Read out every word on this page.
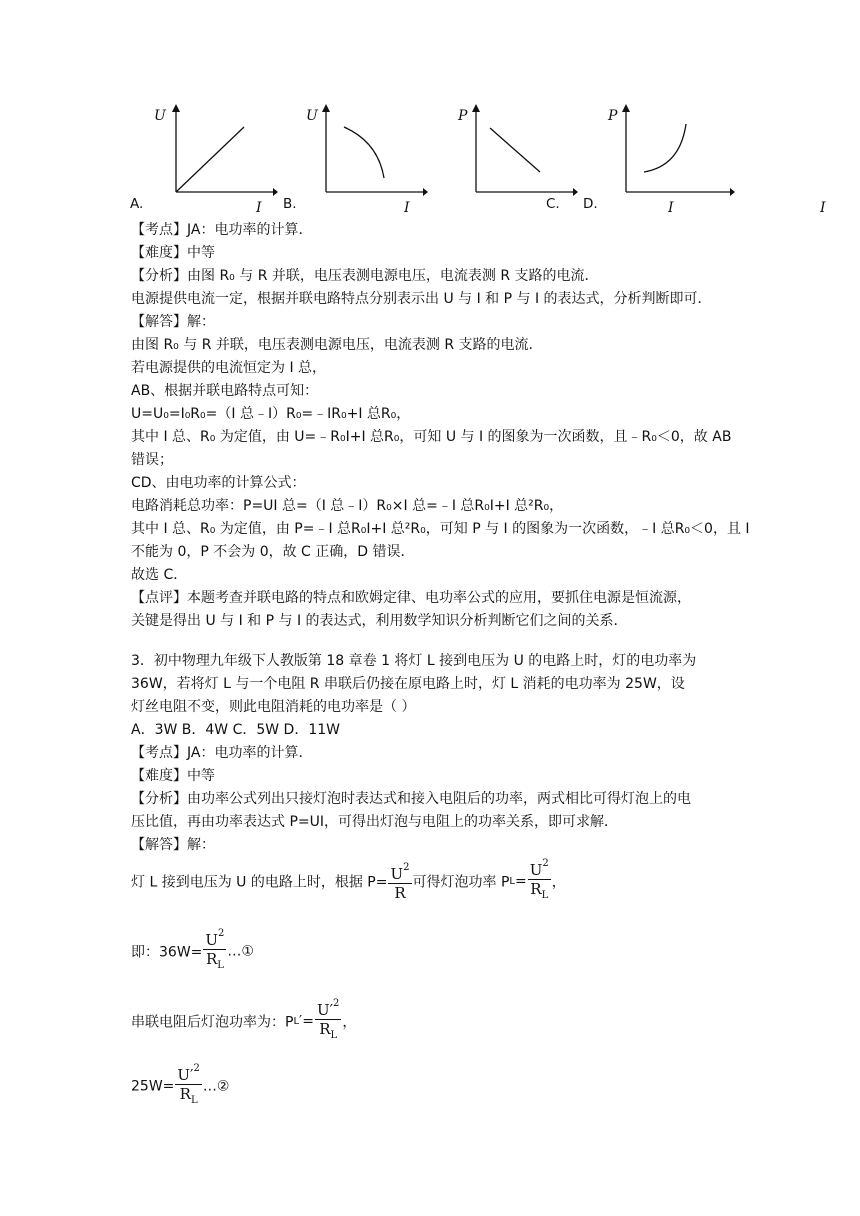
A.
U
I B.
U
I	C.
P
I
D.
P
I
【考点】JA：电功率的计算．
【难度】中等
【分析】由图 R₀ 与 R 并联，电压表测电源电压，电流表测 R 支路的电流．
电源提供电流一定，根据并联电路特点分别表示出 U 与 I 和 P 与 I 的表达式，分析判断即可．
【解答】解：
由图 R₀ 与 R 并联，电压表测电源电压，电流表测 R 支路的电流．
若电源提供的电流恒定为 I 总，
AB、根据并联电路特点可知：
U=U₀=I₀R₀=（I 总﹣I）R₀=﹣IR₀+I 总R₀，
其中 I 总、R₀ 为定值，由 U=﹣R₀I+I 总R₀，可知 U 与 I 的图象为一次函数，且﹣R₀＜0，故 AB
错误；
CD、由电功率的计算公式：
电路消耗总功率：P=UI 总=（I 总﹣I）R₀×I 总=﹣I 总R₀I+I 总²R₀，
其中 I 总、R₀ 为定值，由 P=﹣I 总R₀I+I 总²R₀，可知 P 与 I 的图象为一次函数，﹣I 总R₀＜0，且 I
不能为 0，P 不会为 0，故 C 正确，D 错误．
故选 C．
【点评】本题考查并联电路的特点和欧姆定律、电功率公式的应用，要抓住电源是恒流源，
关键是得出 U 与 I 和 P 与 I 的表达式，利用数学知识分析判断它们之间的关系．
3．初中物理九年级下人教版第 18 章卷 1 将灯 L 接到电压为 U 的电路上时，灯的电功率为
36W，若将灯 L 与一个电阻 R 串联后仍接在原电路上时，灯 L 消耗的电功率为 25W，设
灯丝电阻不变，则此电阻消耗的电功率是（ ）
A．3W B．4W C．5W D．11W
【考点】JA：电功率的计算．
【难度】中等
【分析】由功率公式列出只接灯泡时表达式和接入电阻后的功率，两式相比可得灯泡上的电
压比值，再由功率表达式 P=UI，可得出灯泡与电阻上的功率关系，即可求解．
【解答】解：
灯 L 接到电压为 U 的电路上时，根据 $P= \frac{U^2}{R}$ 可得灯泡功率 $PL= \frac{U^2}{R_L}$ ，
即：$36W= \frac{U^2}{R_L}$ …①
串联电阻后灯泡功率为：$PL'= \frac{U'^2}{R_L}$ ，
$25W= \frac{U'^2}{R_L}$ …②
